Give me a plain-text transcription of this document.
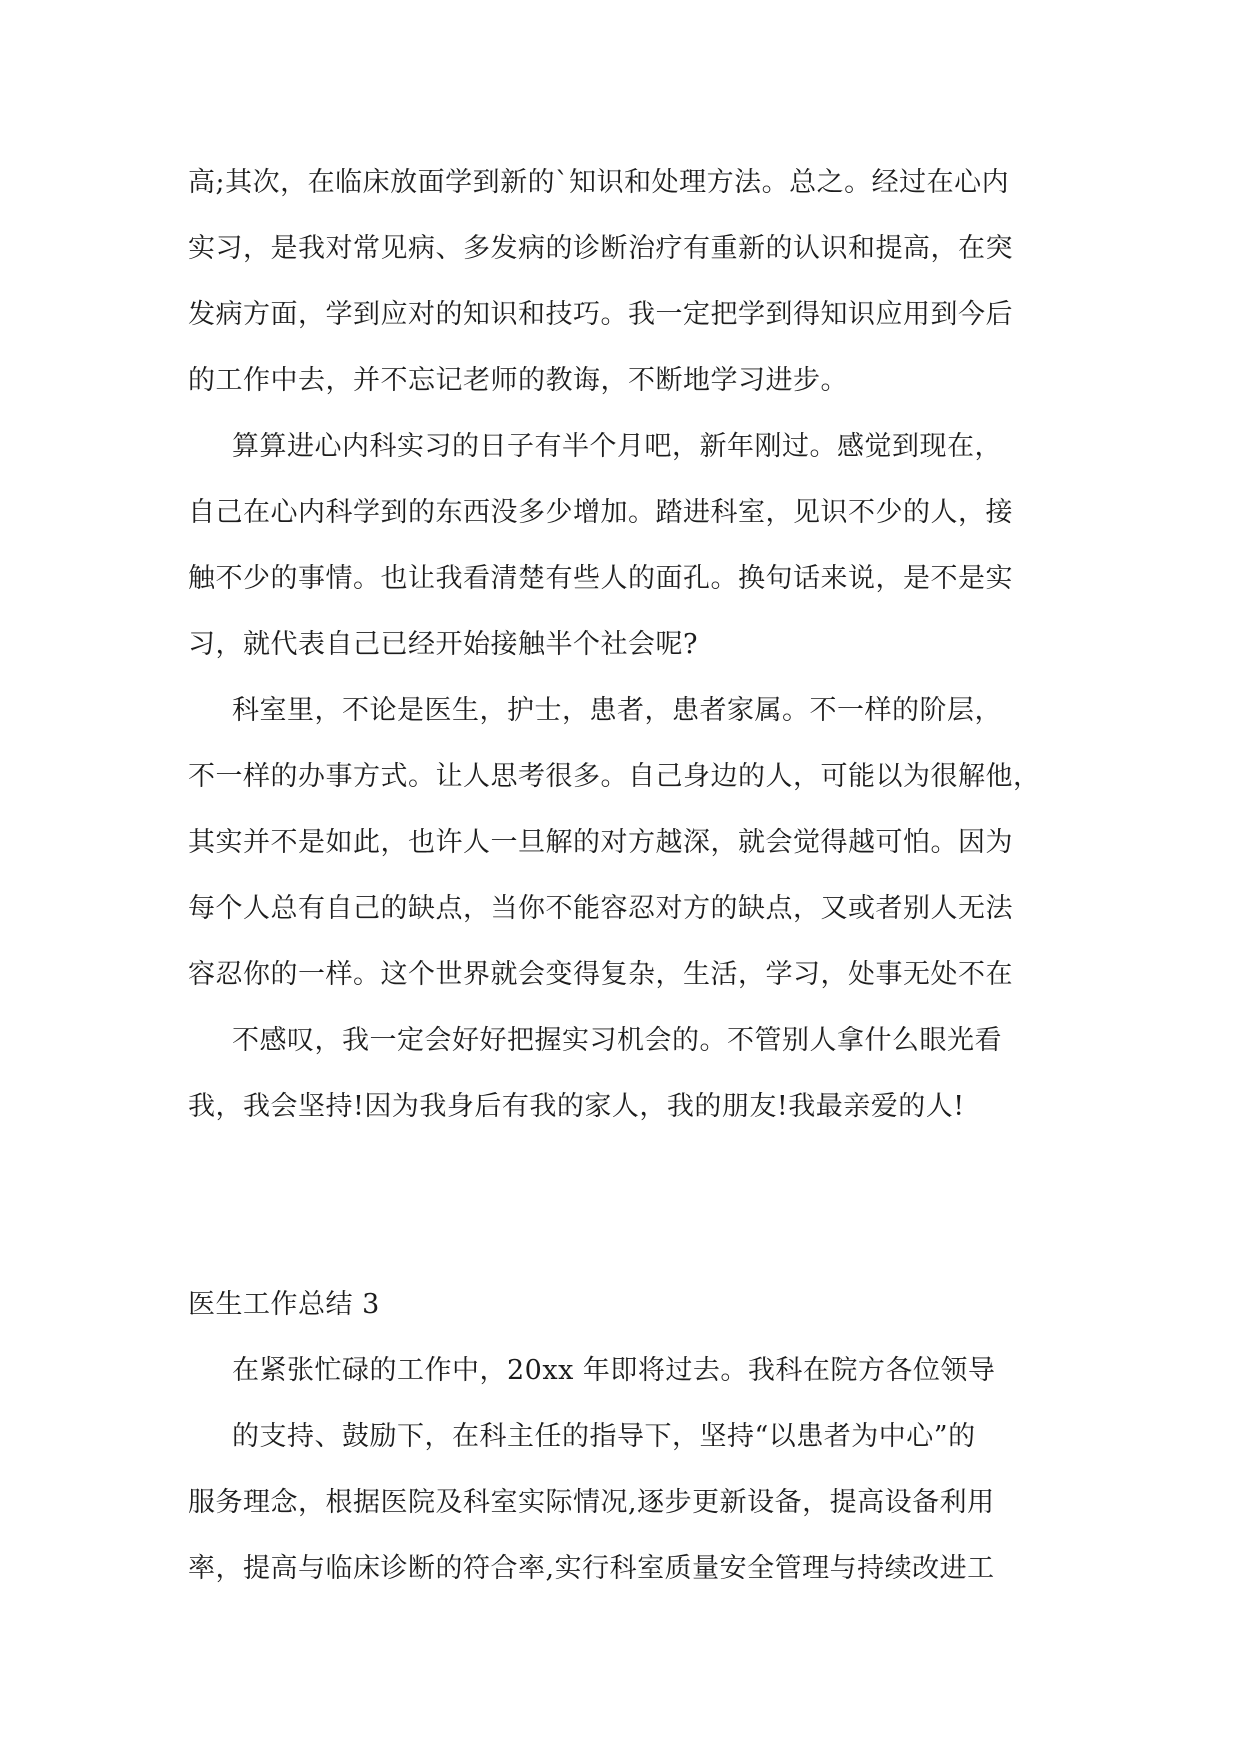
高;其次，在临床放面学到新的`知识和处理方法。总之。经过在心内
实习，是我对常见病、多发病的诊断治疗有重新的认识和提高，在突
发病方面，学到应对的知识和技巧。我一定把学到得知识应用到今后
的工作中去，并不忘记老师的教诲，不断地学习进步。
算算进心内科实习的日子有半个月吧，新年刚过。感觉到现在，
自己在心内科学到的东西没多少增加。踏进科室，见识不少的人，接
触不少的事情。也让我看清楚有些人的面孔。换句话来说，是不是实
习，就代表自己已经开始接触半个社会呢?
科室里，不论是医生，护士，患者，患者家属。不一样的阶层，
不一样的办事方式。让人思考很多。自己身边的人，可能以为很解他，
其实并不是如此，也许人一旦解的对方越深，就会觉得越可怕。因为
每个人总有自己的缺点，当你不能容忍对方的缺点，又或者别人无法
容忍你的一样。这个世界就会变得复杂，生活，学习，处事无处不在
不感叹，我一定会好好把握实习机会的。不管别人拿什么眼光看
我，我会坚持!因为我身后有我的家人，我的朋友!我最亲爱的人!
医生工作总结 3
在紧张忙碌的工作中，20xx 年即将过去。我科在院方各位领导
的支持、鼓励下，在科主任的指导下，坚持“以患者为中心”的
服务理念，根据医院及科室实际情况,逐步更新设备，提高设备利用
率，提高与临床诊断的符合率,实行科室质量安全管理与持续改进工
